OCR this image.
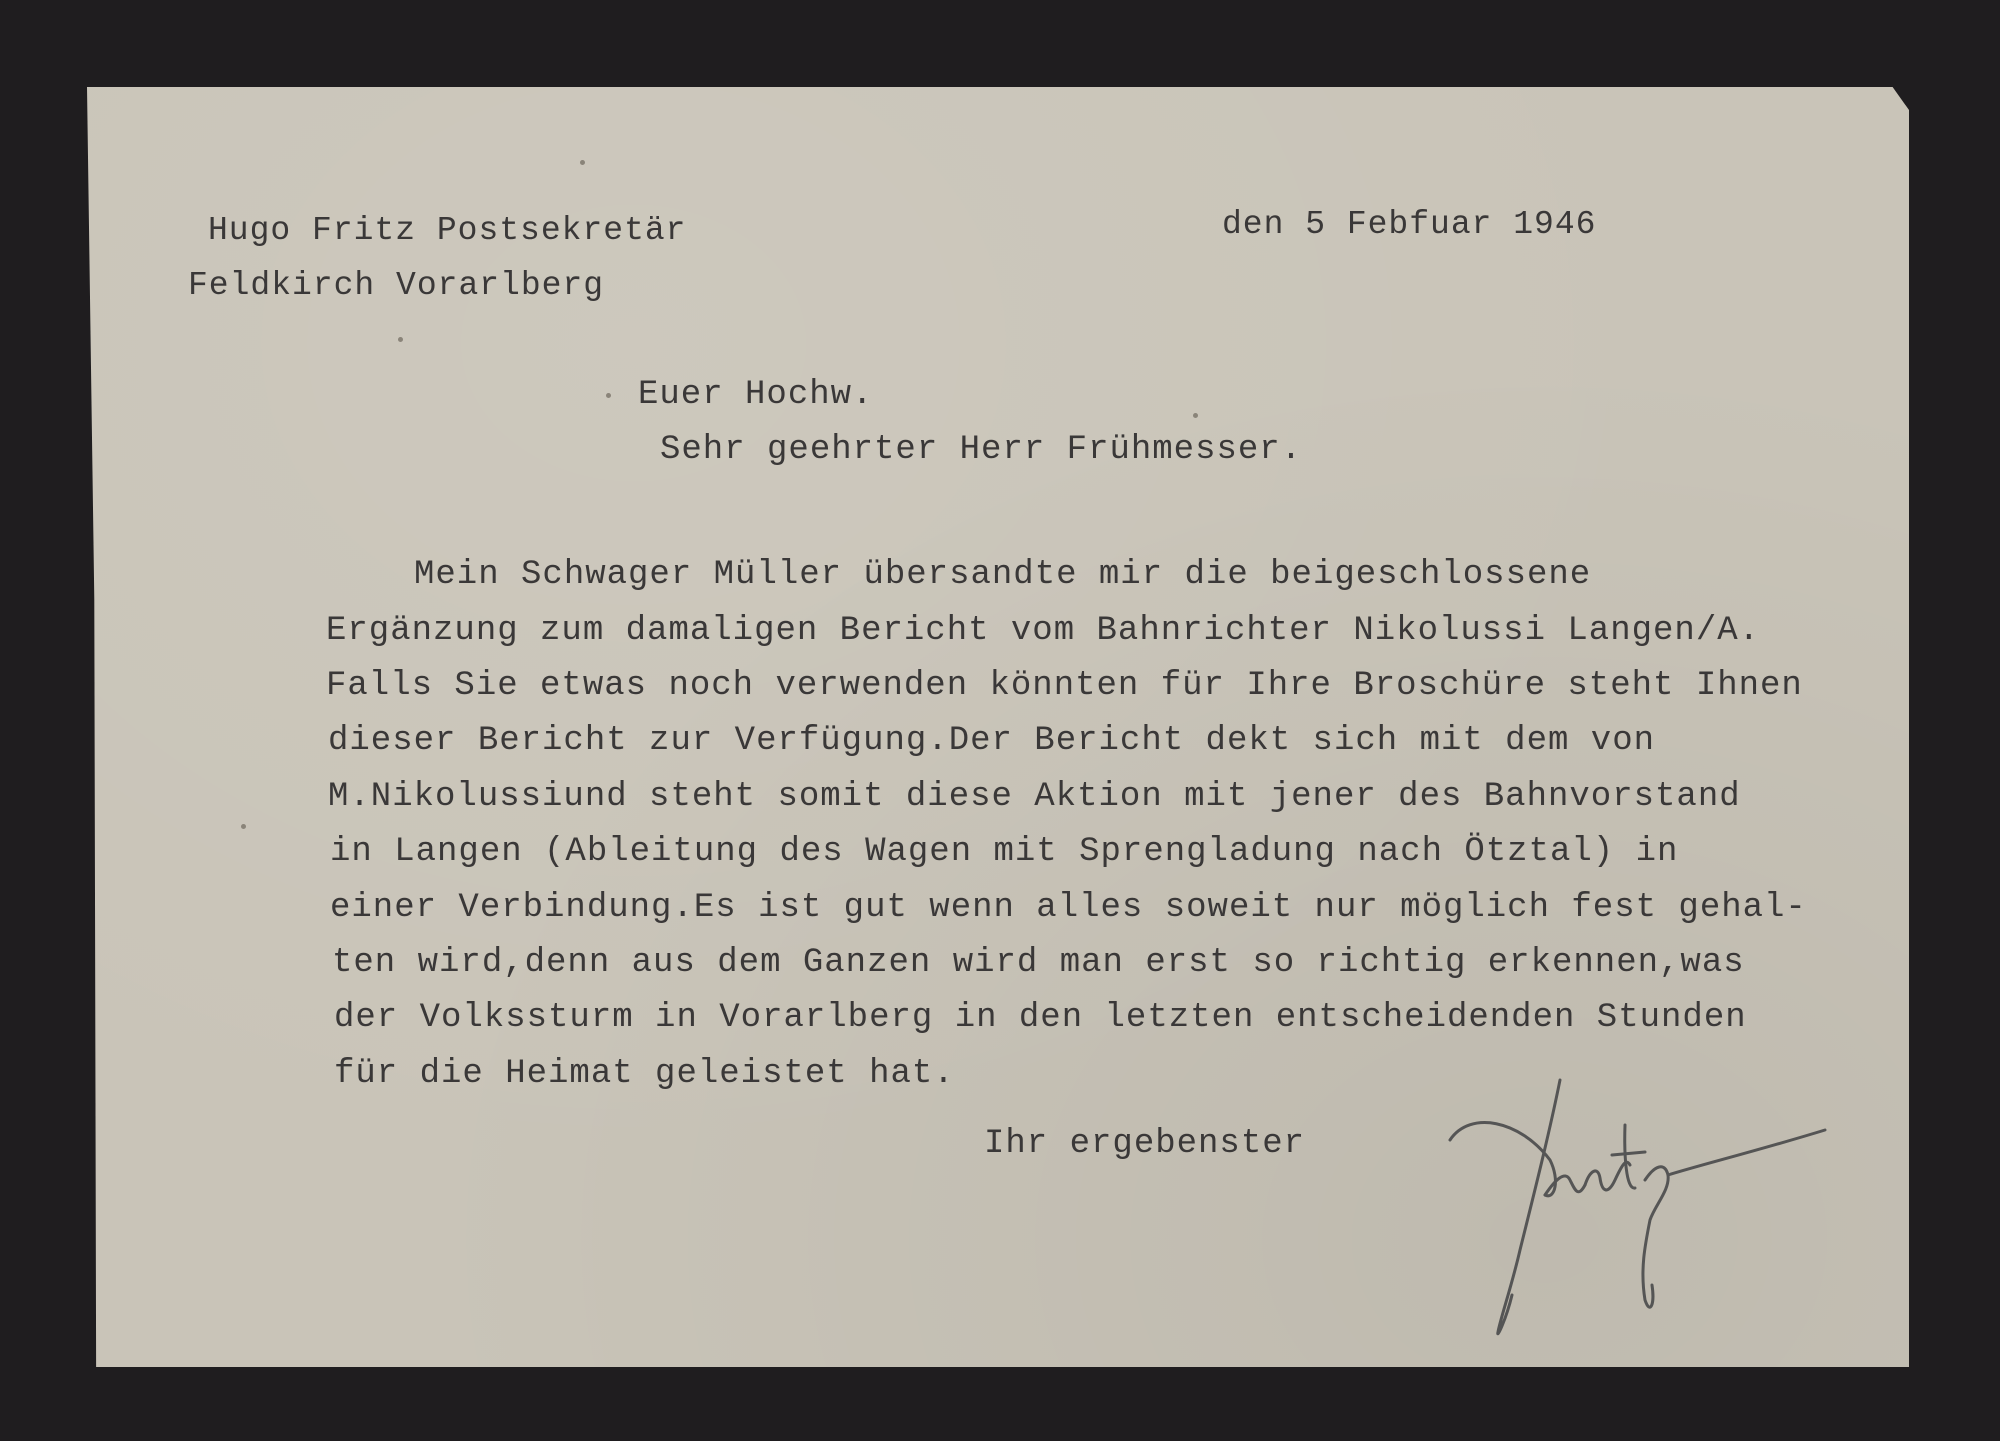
Hugo Fritz Postsekretär
Feldkirch Vorarlberg
den 5 Febfuar 1946
Euer Hochw.
Sehr geehrter Herr Frühmesser.
Mein Schwager Müller übersandte mir die beigeschlossene
Ergänzung zum damaligen Bericht vom Bahnrichter Nikolussi Langen/A.
Falls Sie etwas noch verwenden könnten für Ihre Broschüre steht Ihnen
dieser Bericht zur Verfügung.Der Bericht dekt sich mit dem von
M.Nikolussiund steht somit diese Aktion mit jener des Bahnvorstand
in Langen (Ableitung des Wagen mit Sprengladung nach Ötztal) in
einer Verbindung.Es ist gut wenn alles soweit nur möglich fest gehal-
ten wird,denn aus dem Ganzen wird man erst so richtig erkennen,was
der Volkssturm in Vorarlberg in den letzten entscheidenden Stunden
für die Heimat geleistet hat.
Ihr ergebenster
